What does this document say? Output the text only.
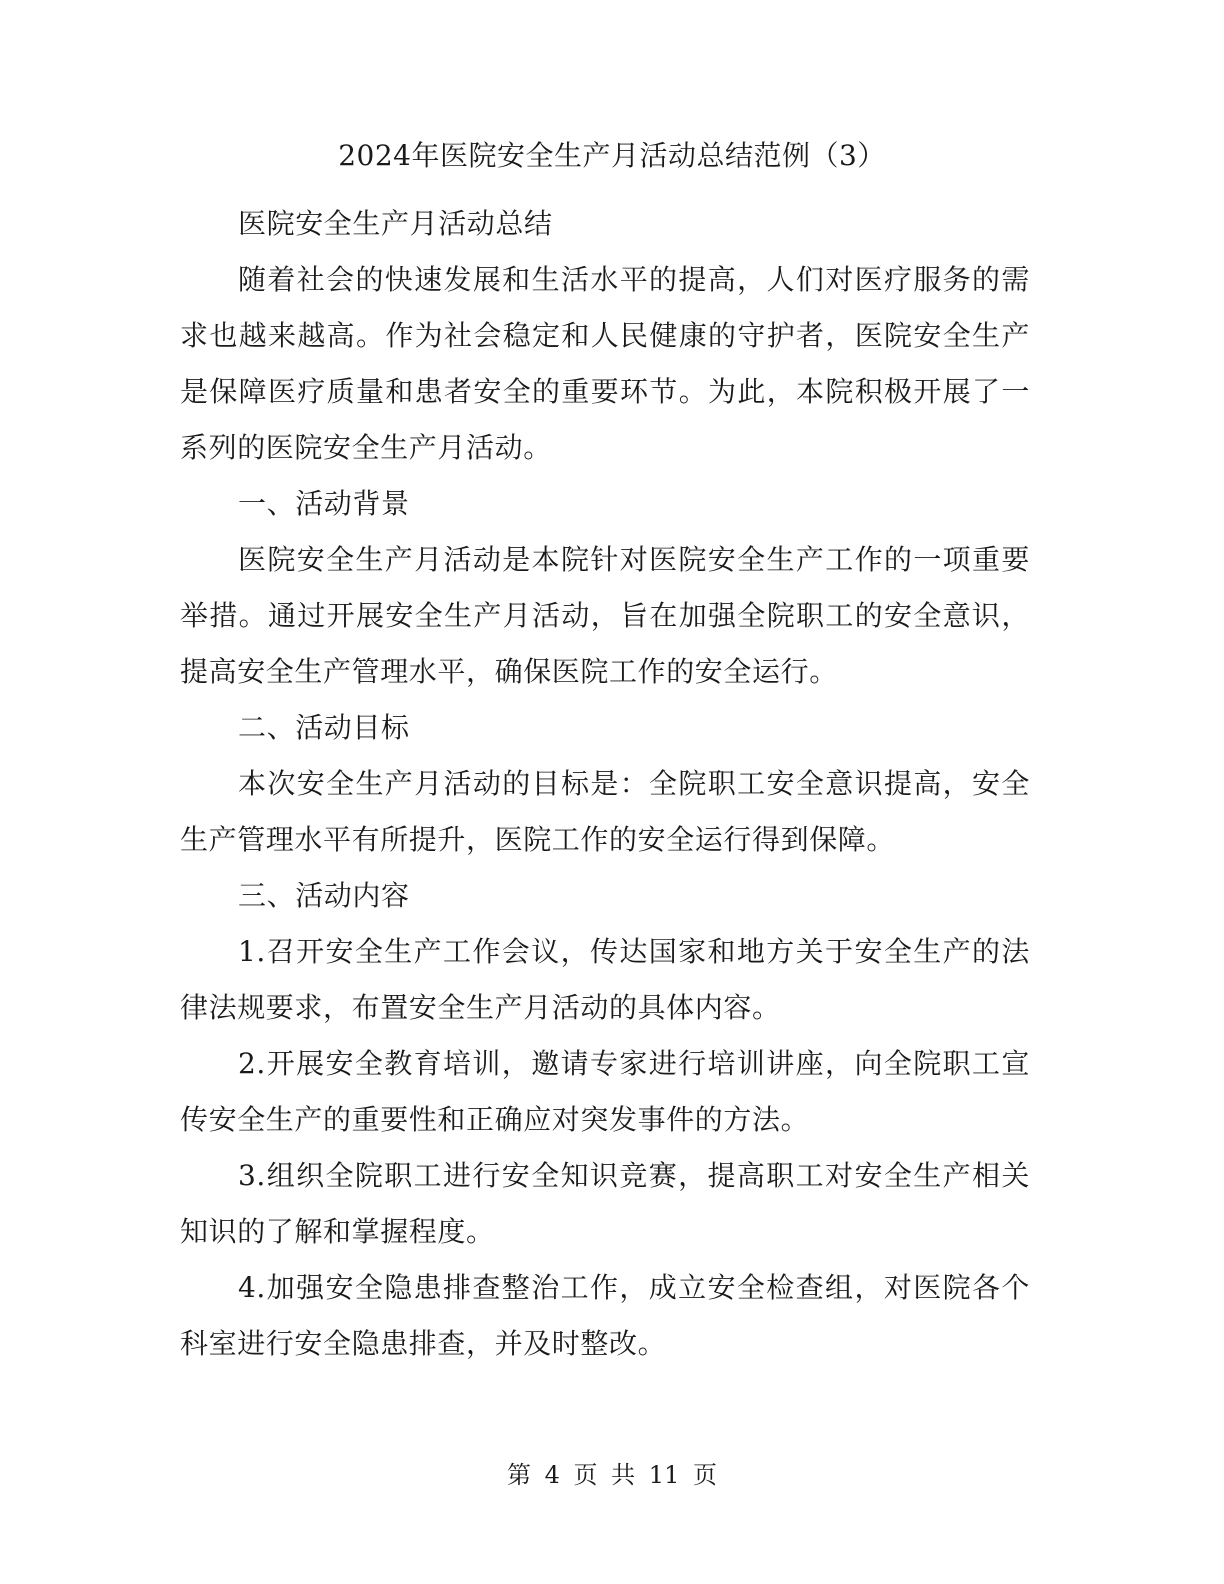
2024年医院安全生产月活动总结范例（3）

医院安全生产月活动总结

随着社会的快速发展和生活水平的提高，人们对医疗服务的需求也越来越高。作为社会稳定和人民健康的守护者，医院安全生产是保障医疗质量和患者安全的重要环节。为此，本院积极开展了一系列的医院安全生产月活动。

一、活动背景

医院安全生产月活动是本院针对医院安全生产工作的一项重要举措。通过开展安全生产月活动，旨在加强全院职工的安全意识，提高安全生产管理水平，确保医院工作的安全运行。

二、活动目标

本次安全生产月活动的目标是：全院职工安全意识提高，安全生产管理水平有所提升，医院工作的安全运行得到保障。

三、活动内容

1.召开安全生产工作会议，传达国家和地方关于安全生产的法律法规要求，布置安全生产月活动的具体内容。

2.开展安全教育培训，邀请专家进行培训讲座，向全院职工宣传安全生产的重要性和正确应对突发事件的方法。

3.组织全院职工进行安全知识竞赛，提高职工对安全生产相关知识的了解和掌握程度。

4.加强安全隐患排查整治工作，成立安全检查组，对医院各个科室进行安全隐患排查，并及时整改。

第 4 页 共 11 页
